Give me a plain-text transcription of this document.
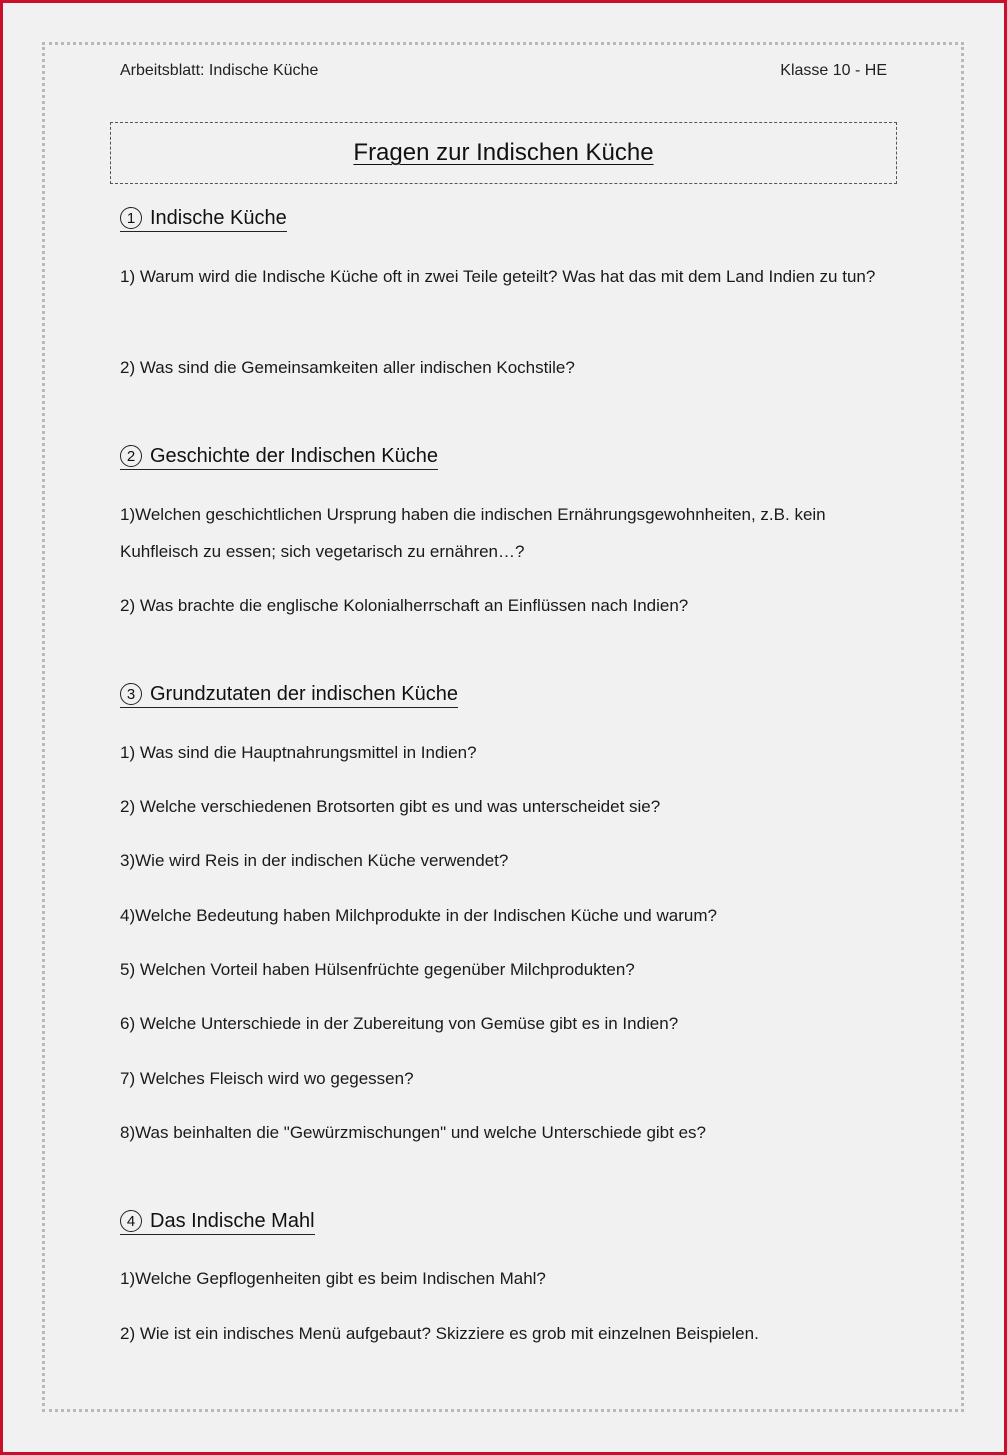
Arbeitsblatt: Indische Küche	Klasse 10 - HE
Fragen zur Indischen Küche
1 Indische Küche

1) Warum wird die Indische Küche oft in zwei Teile geteilt? Was hat das mit dem Land Indien zu tun?

2) Was sind die Gemeinsamkeiten aller indischen Kochstile?

2 Geschichte der Indischen Küche

1)Welchen geschichtlichen Ursprung haben die indischen Ernährungsgewohnheiten, z.B. kein Kuhfleisch zu essen; sich vegetarisch zu ernähren…?

2) Was brachte die englische Kolonialherrschaft an Einflüssen nach Indien?

3 Grundzutaten der indischen Küche

1) Was sind die Hauptnahrungsmittel in Indien?

2) Welche verschiedenen Brotsorten gibt es und was unterscheidet sie?

3)Wie wird Reis in der indischen Küche verwendet?

4)Welche Bedeutung haben Milchprodukte in der Indischen Küche und warum?

5) Welchen Vorteil haben Hülsenfrüchte gegenüber Milchprodukten?

6) Welche Unterschiede in der Zubereitung von Gemüse gibt es in Indien?

7) Welches Fleisch wird wo gegessen?

8)Was beinhalten die "Gewürzmischungen" und welche Unterschiede gibt es?

4 Das Indische Mahl

1)Welche Gepflogenheiten gibt es beim Indischen Mahl?

2) Wie ist ein indisches Menü aufgebaut? Skizziere es grob mit einzelnen Beispielen.
